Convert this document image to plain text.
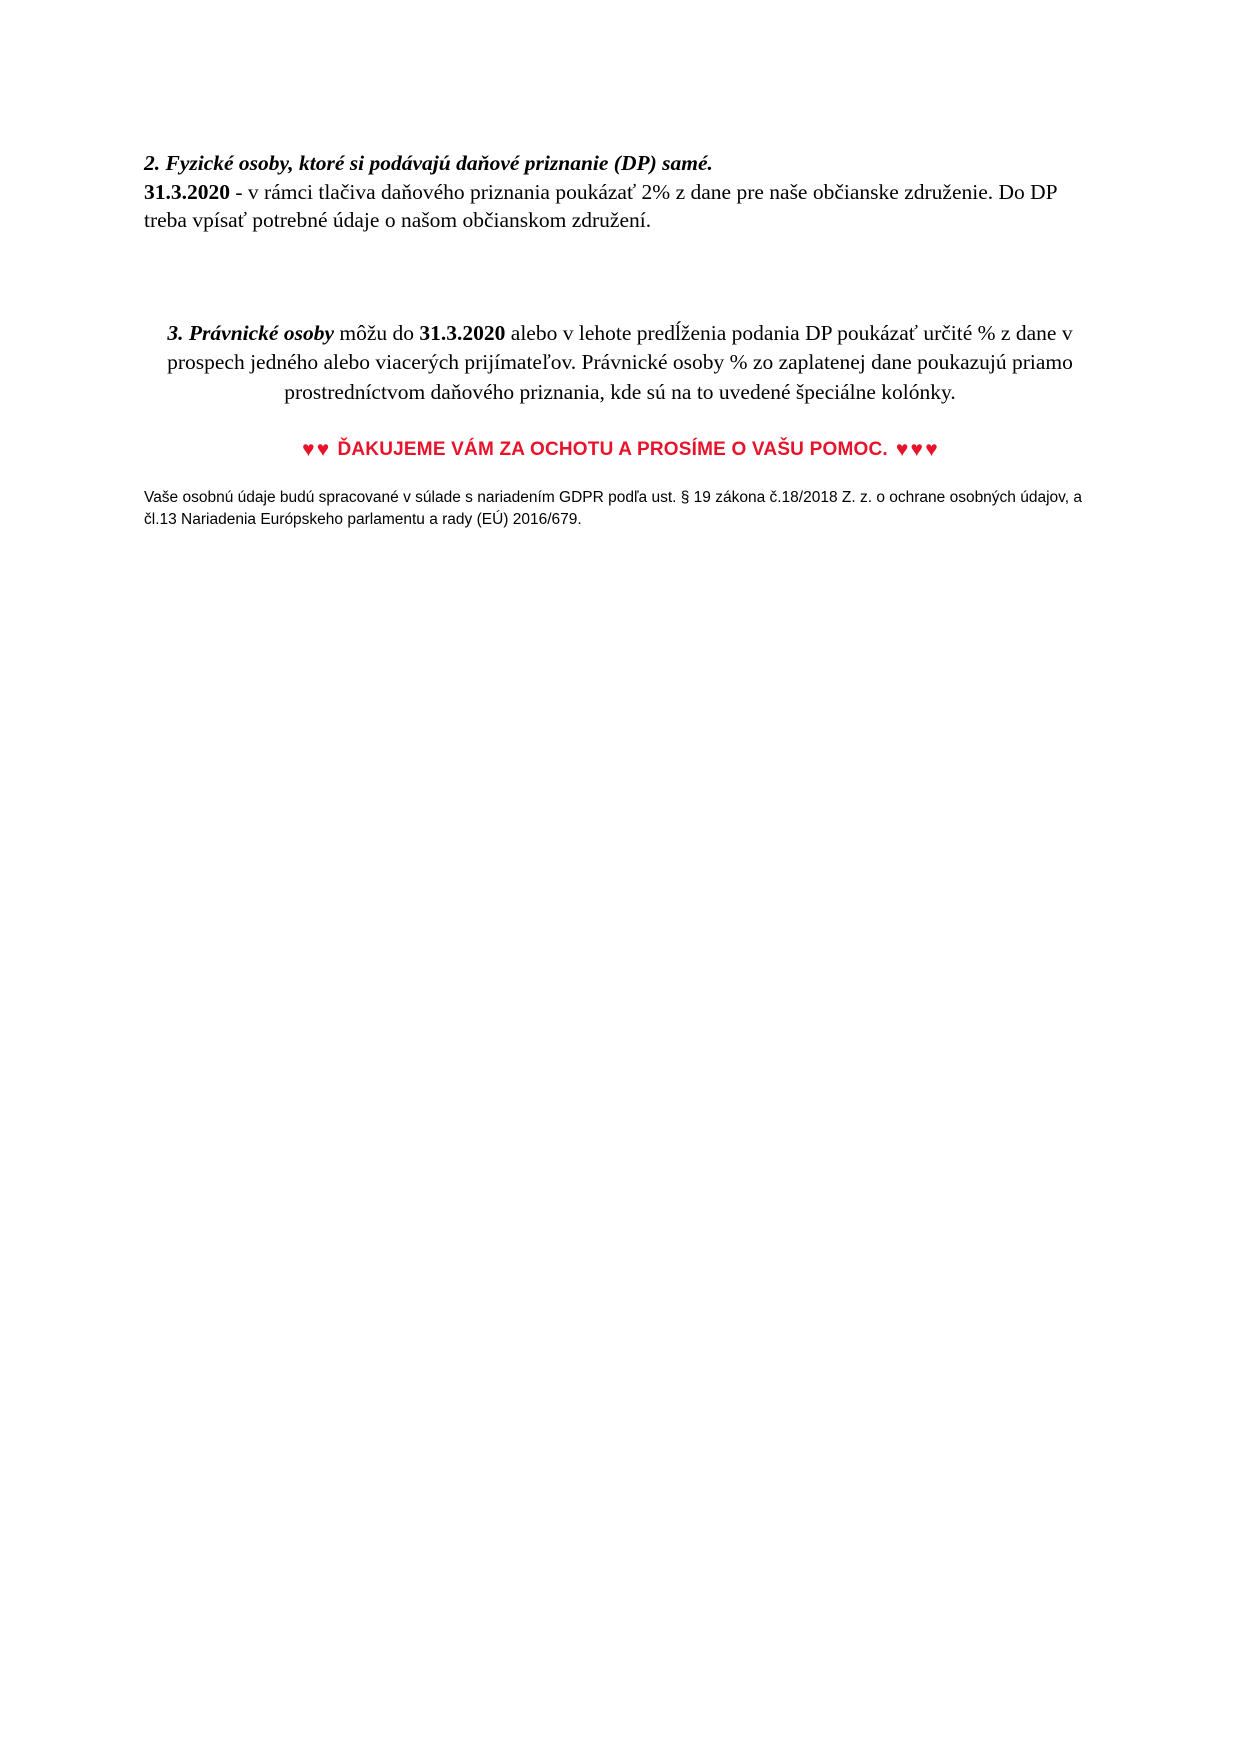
2. Fyzické osoby, ktoré si podávajú daňové priznanie (DP) samé.

31.3.2020 - v rámci tlačiva daňového priznania poukázať 2% z dane pre naše občianske združenie. Do DP treba vpísať potrebné údaje o našom občianskom združení.

3. Právnické osoby môžu do 31.3.2020 alebo v lehote predĺženia podania DP poukázať určité % z dane v prospech jedného alebo viacerých prijímateľov. Právnické osoby % zo zaplatenej dane poukazujú priamo prostredníctvom daňového priznania, kde sú na to uvedené špeciálne kolónky.

♥♥ ĎAKUJEME VÁM ZA OCHOTU A PROSÍME O VAŠU POMOC. ♥♥♥

Vaše osobnú údaje budú spracované v súlade s nariadením GDPR podľa ust. § 19 zákona č.18/2018 Z. z. o ochrane osobných údajov, a čl.13 Nariadenia Európskeho parlamentu a rady (EÚ) 2016/679.
